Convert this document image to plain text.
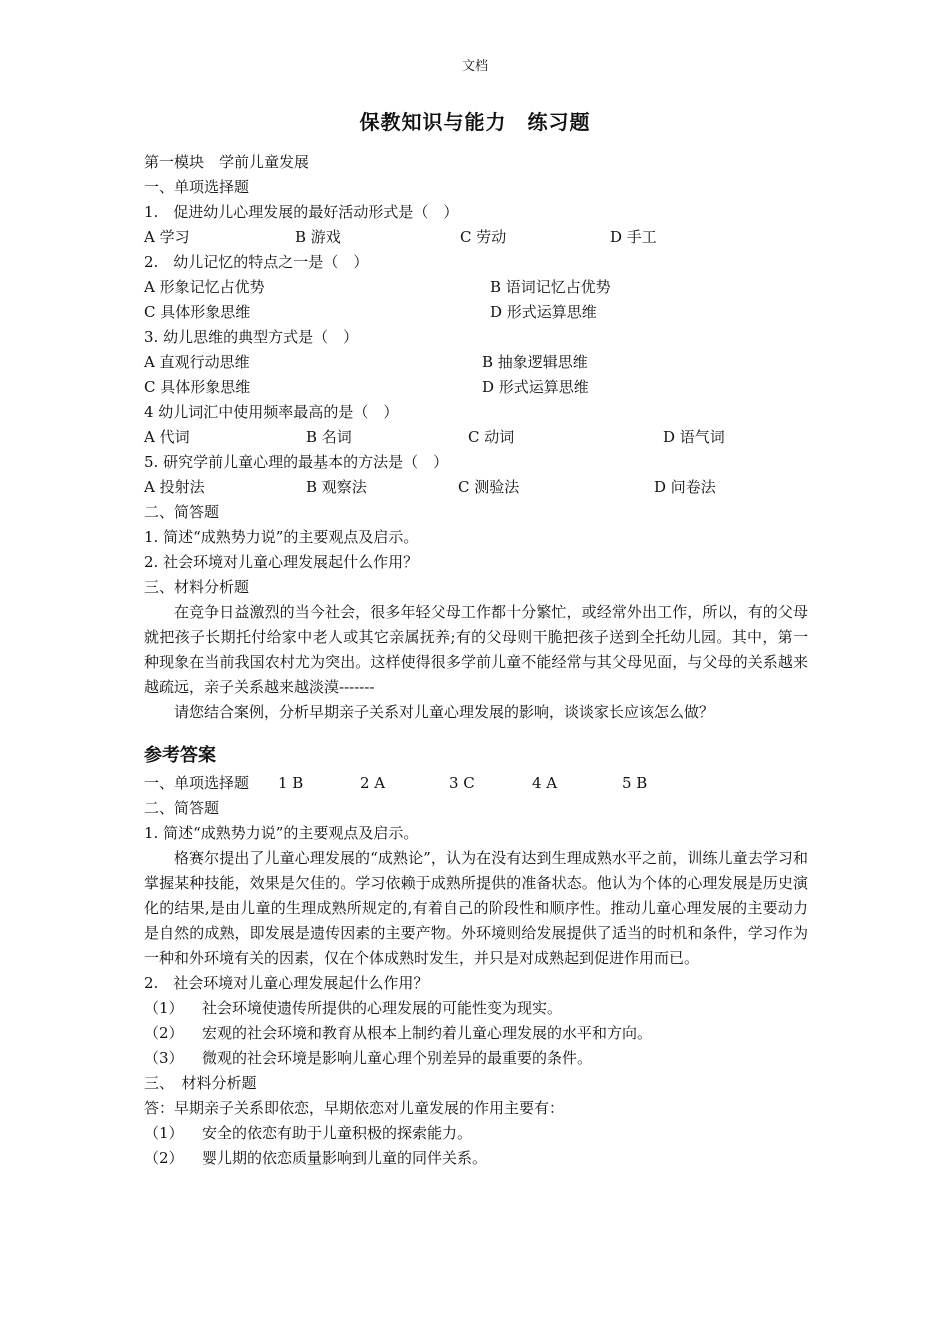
文档
保教知识与能力　练习题
第一模块　学前儿童发展
一、单项选择题
1.　促进幼儿心理发展的最好活动形式是（　）
A 学习	B 游戏	C 劳动	D 手工
2.　幼儿记忆的特点之一是（　）
A 形象记忆占优势	B 语词记忆占优势
C 具体形象思维	D 形式运算思维
3. 幼儿思维的典型方式是（　）
A 直观行动思维	B 抽象逻辑思维
C 具体形象思维	D 形式运算思维
4 幼儿词汇中使用频率最高的是（　）
A 代词	B 名词	C 动词	D 语气词
5. 研究学前儿童心理的最基本的方法是（　）
A 投射法	B 观察法	C 测验法	D 问卷法
二、简答题
1. 简述“成熟势力说”的主要观点及启示。
2. 社会环境对儿童心理发展起什么作用？
三、材料分析题
在竞争日益激烈的当今社会，很多年轻父母工作都十分繁忙，或经常外出工作，所以，有的父母就把孩子长期托付给家中老人或其它亲属抚养;有的父母则干脆把孩子送到全托幼儿园。其中，第一种现象在当前我国农村尤为突出。这样使得很多学前儿童不能经常与其父母见面，与父母的关系越来越疏远，亲子关系越来越淡漠-------
请您结合案例，分析早期亲子关系对儿童心理发展的影响，谈谈家长应该怎么做？
参考答案
一、单项选择题 1 B	2 A	3 C	4 A	5 B
二、简答题
1. 简述“成熟势力说”的主要观点及启示。
格赛尔提出了儿童心理发展的“成熟论”，认为在没有达到生理成熟水平之前，训练儿童去学习和掌握某种技能，效果是欠佳的。学习依赖于成熟所提供的准备状态。他认为个体的心理发展是历史演化的结果,是由儿童的生理成熟所规定的,有着自己的阶段性和顺序性。推动儿童心理发展的主要动力是自然的成熟，即发展是遗传因素的主要产物。外环境则给发展提供了适当的时机和条件，学习作为一种和外环境有关的因素，仅在个体成熟时发生，并只是对成熟起到促进作用而已。
2.　社会环境对儿童心理发展起什么作用？
（1） 社会环境使遗传所提供的心理发展的可能性变为现实。
（2） 宏观的社会环境和教育从根本上制约着儿童心理发展的水平和方向。
（3） 微观的社会环境是影响儿童心理个别差异的最重要的条件。
三、　材料分析题
答：早期亲子关系即依恋，早期依恋对儿童发展的作用主要有：
（1） 安全的依恋有助于儿童积极的探索能力。
（2） 婴儿期的依恋质量影响到儿童的同伴关系。
